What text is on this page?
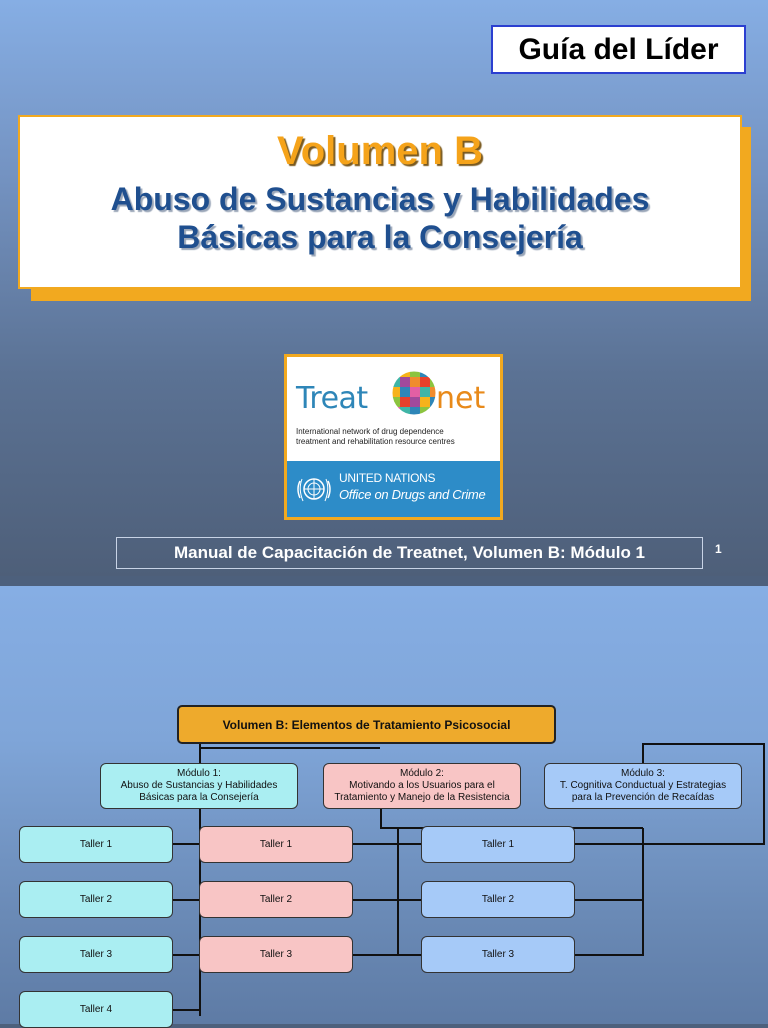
Guía del Líder
Volumen B
Abuso de Sustancias y Habilidades
Básicas para la Consejería
Treat net
International network of drug dependence
treatment and rehabilitation resource centres
UNITED NATIONS
Office on Drugs and Crime
Manual de Capacitación de Treatnet, Volumen B: Módulo 1	1
Volumen B: Elementos de Tratamiento Psicosocial
Módulo 1:
Abuso de Sustancias y Habilidades
Básicas para la Consejería
Módulo 2:
Motivando a los Usuarios para el
Tratamiento y Manejo de la Resistencia
Módulo 3:
T. Cognitiva Conductual y Estrategias
para la Prevención de Recaídas
Taller 1
Taller 2
Taller 3
Taller 4
Taller 1
Taller 2
Taller 3
Taller 1
Taller 2
Taller 3
